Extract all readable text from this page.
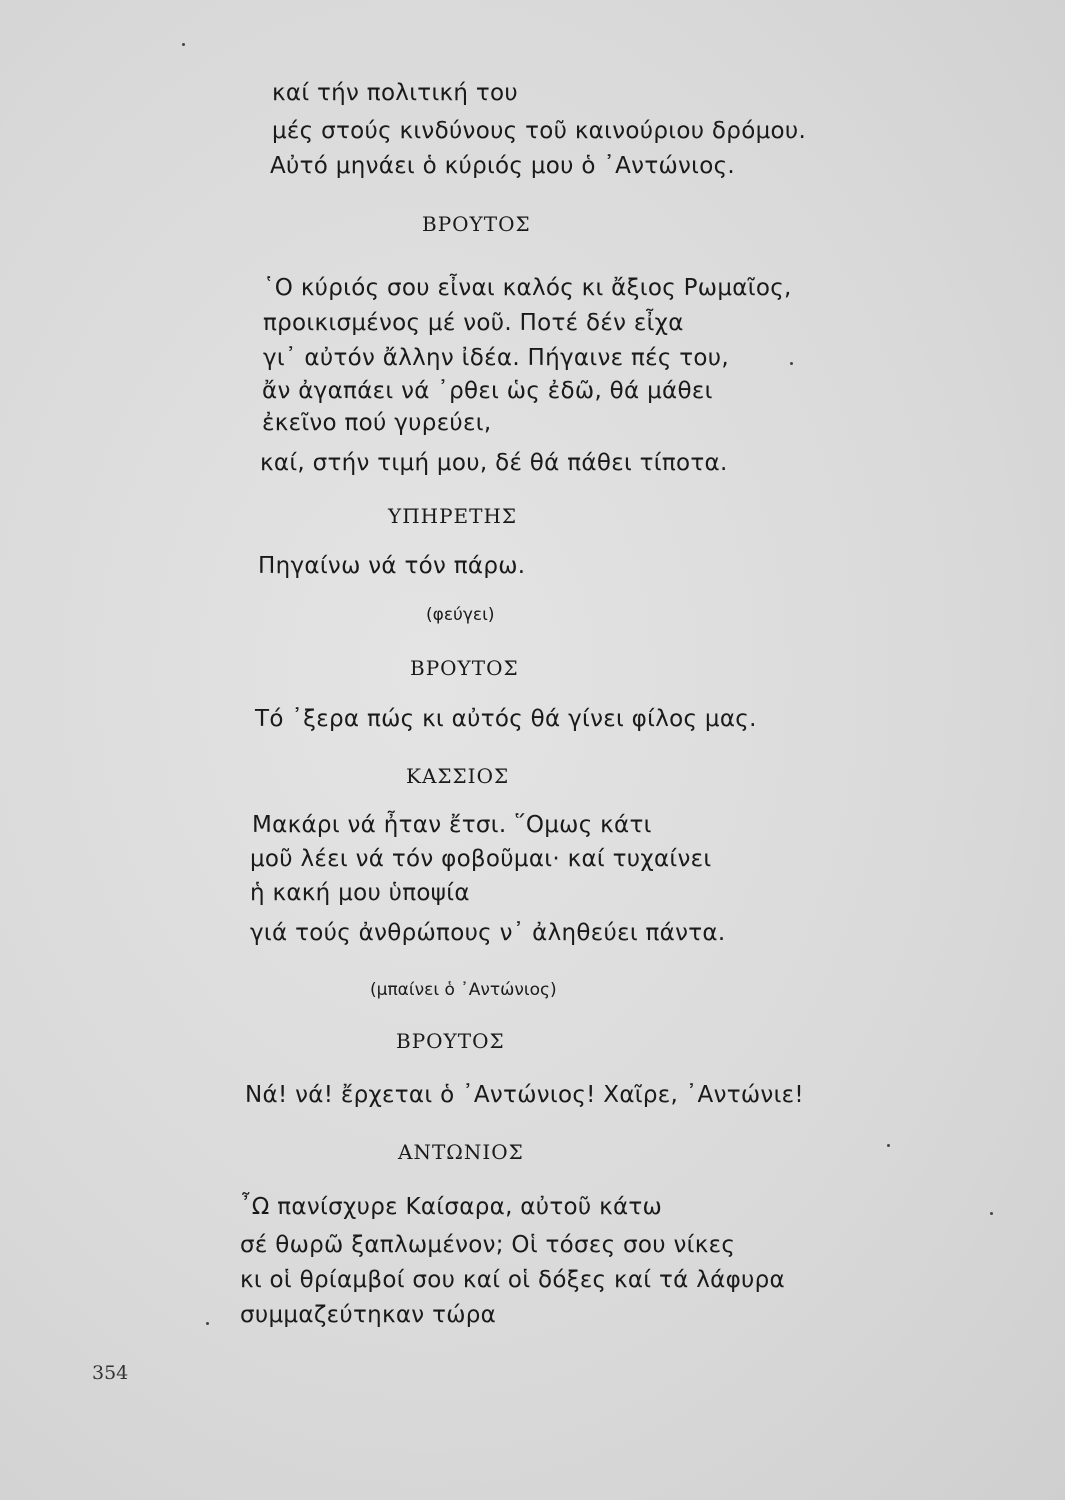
καί τήν πολιτική του
μές στούς κινδύνους τοῦ καινούριου δρόμου.
Αὐτό μηνάει ὁ κύριός μου ὁ ᾿Αντώνιος.
ΒΡΟΥΤΟΣ
῾Ο κύριός σου εἶναι καλός κι ἄξιος Ρωμαῖος,
προικισμένος μέ νοῦ. Ποτέ δέν εἶχα
γι᾿ αὐτόν ἄλλην ἰδέα. Πήγαινε πές του,
ἄν ἀγαπάει νά ᾿ρθει ὡς ἐδῶ, θά μάθει
ἐκεῖνο πού γυρεύει,
καί, στήν τιμή μου, δέ θά πάθει τίποτα.
ΥΠΗΡΕΤΗΣ
Πηγαίνω νά τόν πάρω.
(φεύγει)
ΒΡΟΥΤΟΣ
Τό ᾿ξερα πώς κι αὐτός θά γίνει φίλος μας.
ΚΑΣΣΙΟΣ
Μακάρι νά ἦταν ἔτσι. ῞Ομως κάτι
μοῦ λέει νά τόν φοβοῦμαι· καί τυχαίνει
ἡ κακή μου ὑποψία
γιά τούς ἀνθρώπους ν᾿ ἀληθεύει πάντα.
(μπαίνει ὁ ᾿Αντώνιος)
ΒΡΟΥΤΟΣ
Νά! νά! ἔρχεται ὁ ᾿Αντώνιος! Χαῖρε, ᾿Αντώνιε!
ΑΝΤΩΝΙΟΣ
῏Ω πανίσχυρε Καίσαρα, αὐτοῦ κάτω
σέ θωρῶ ξαπλωμένον; Οἱ τόσες σου νίκες
κι οἱ θρίαμβοί σου καί οἱ δόξες καί τά λάφυρα
συμμαζεύτηκαν τώρα
354
